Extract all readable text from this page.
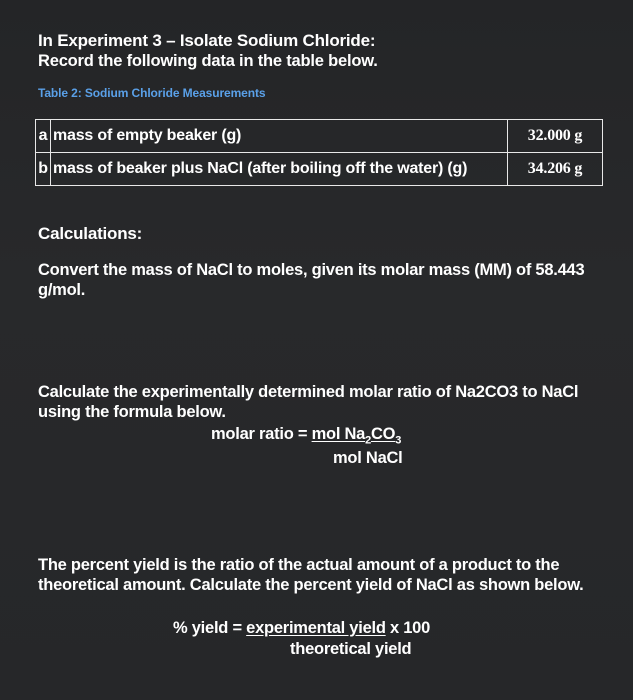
In Experiment 3 – Isolate Sodium Chloride:
Record the following data in the table below.
Table 2: Sodium Chloride Measurements
a	mass of empty beaker (g)	32.000 g
b	mass of beaker plus NaCl (after boiling off the water) (g)	34.206 g
Calculations:
Convert the mass of NaCl to moles, given its molar mass (MM) of 58.443 g/mol.
Calculate the experimentally determined molar ratio of Na2CO3 to NaCl using the formula below.
molar ratio = mol $Na_2CO_3$
mol NaCl
The percent yield is the ratio of the actual amount of a product to the theoretical amount. Calculate the percent yield of NaCl as shown below.
% yield = experimental yield x 100
theoretical yield
